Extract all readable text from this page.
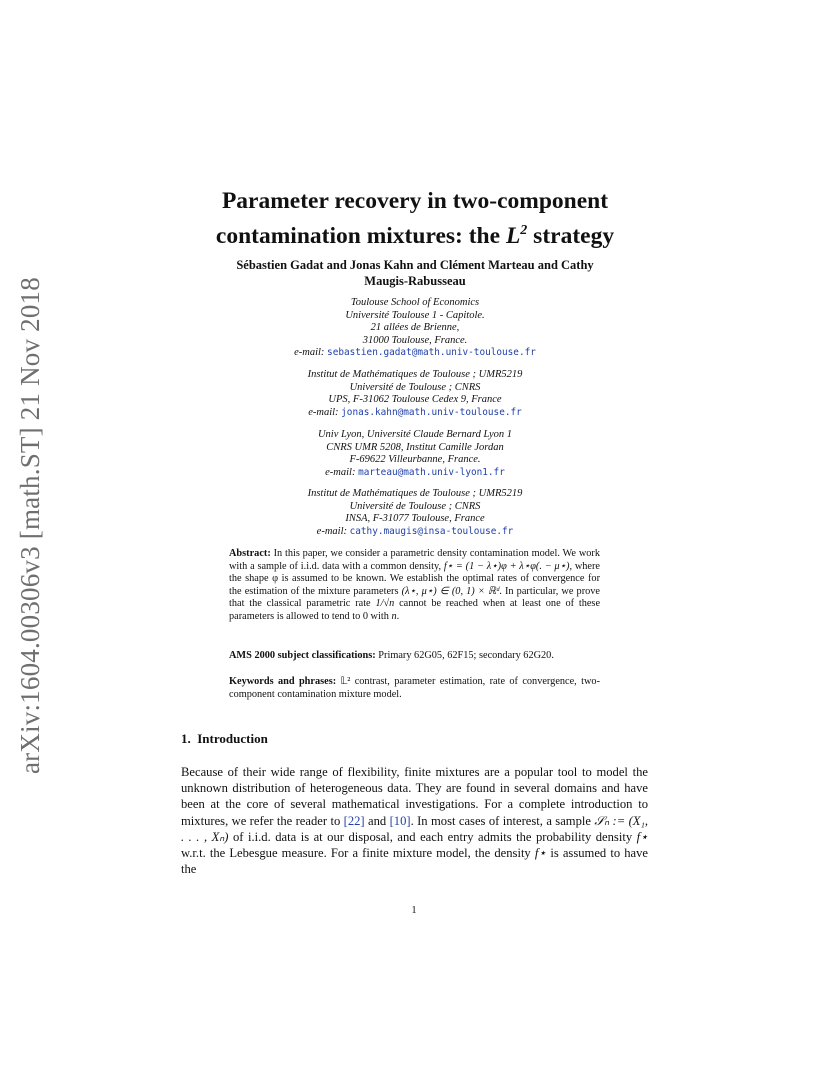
arXiv:1604.00306v3 [math.ST] 21 Nov 2018
Parameter recovery in two-component
contamination mixtures: the $L^2$ strategy
Sébastien Gadat and Jonas Kahn and Clément Marteau and Cathy
Maugis-Rabusseau
Toulouse School of Economics
Université Toulouse 1 - Capitole.
21 allées de Brienne,
31000 Toulouse, France.
e-mail: sebastien.gadat@math.univ-toulouse.fr
Institut de Mathématiques de Toulouse ; UMR5219
Université de Toulouse ; CNRS
UPS, F-31062 Toulouse Cedex 9, France
e-mail: jonas.kahn@math.univ-toulouse.fr
Univ Lyon, Université Claude Bernard Lyon 1
CNRS UMR 5208, Institut Camille Jordan
F-69622 Villeurbanne, France.
e-mail: marteau@math.univ-lyon1.fr
Institut de Mathématiques de Toulouse ; UMR5219
Université de Toulouse ; CNRS
INSA, F-31077 Toulouse, France
e-mail: cathy.maugis@insa-toulouse.fr
Abstract: In this paper, we consider a parametric density contamination model. We work with a sample of i.i.d. data with a common density, f⋆ = (1 − λ⋆)φ + λ⋆φ(. − μ⋆), where the shape φ is assumed to be known. We establish the optimal rates of convergence for the estimation of the mixture parameters (λ⋆, μ⋆) ∈ (0, 1) × ℝᵈ. In particular, we prove that the classical parametric rate 1/√n cannot be reached when at least one of these parameters is allowed to tend to 0 with n.
AMS 2000 subject classifications: Primary 62G05, 62F15; secondary 62G20.
Keywords and phrases: 𝕃² contrast, parameter estimation, rate of convergence, two-component contamination mixture model.
1. Introduction
Because of their wide range of flexibility, finite mixtures are a popular tool to model the unknown distribution of heterogeneous data. They are found in several domains and have been at the core of several mathematical investigations. For a complete introduction to mixtures, we refer the reader to [22] and [10]. In most cases of interest, a sample 𝒮ₙ := (X₁, . . . , Xₙ) of i.i.d. data is at our disposal, and each entry admits the probability density f⋆ w.r.t. the Lebesgue measure. For a finite mixture model, the density f⋆ is assumed to have the
1
